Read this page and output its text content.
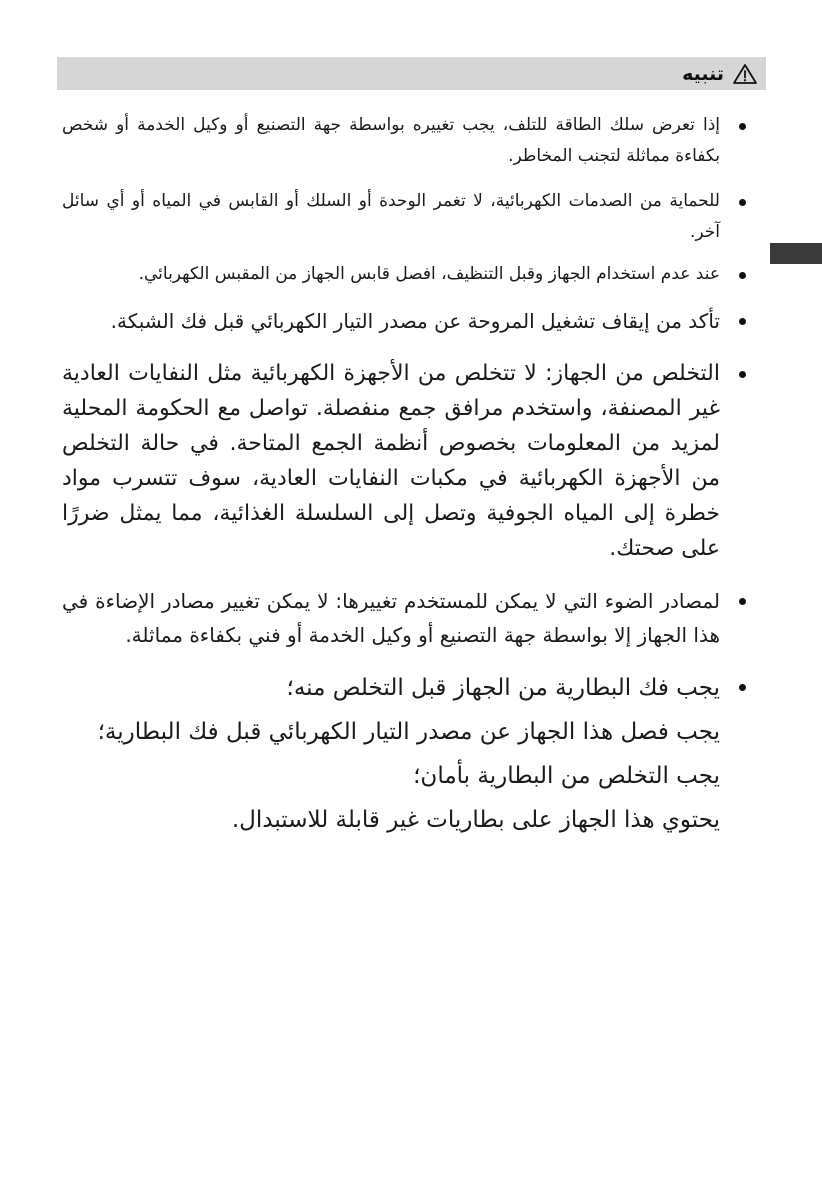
تنبيه
إذا تعرض سلك الطاقة للتلف، يجب تغييره بواسطة جهة التصنيع أو وكيل الخدمة أو شخص بكفاءة مماثلة لتجنب المخاطر.
للحماية من الصدمات الكهربائية، لا تغمر الوحدة أو السلك أو القابس في المياه أو أي سائل آخر.
عند عدم استخدام الجهاز وقبل التنظيف، افصل قابس الجهاز من المقبس الكهربائي.
تأكد من إيقاف تشغيل المروحة عن مصدر التيار الكهربائي قبل فك الشبكة.
التخلص من الجهاز: لا تتخلص من الأجهزة الكهربائية مثل النفايات العادية غير المصنفة، واستخدم مرافق جمع منفصلة. تواصل مع الحكومة المحلية لمزيد من المعلومات بخصوص أنظمة الجمع المتاحة. في حالة التخلص من الأجهزة الكهربائية في مكبات النفايات العادية، سوف تتسرب مواد خطرة إلى المياه الجوفية وتصل إلى السلسلة الغذائية، مما يمثل ضررًا على صحتك.
لمصادر الضوء التي لا يمكن للمستخدم تغييرها: لا يمكن تغيير مصادر الإضاءة في هذا الجهاز إلا بواسطة جهة التصنيع أو وكيل الخدمة أو فني بكفاءة مماثلة.
يجب فك البطارية من الجهاز قبل التخلص منه؛
يجب فصل هذا الجهاز عن مصدر التيار الكهربائي قبل فك البطارية؛
يجب التخلص من البطارية بأمان؛
يحتوي هذا الجهاز على بطاريات غير قابلة للاستبدال.
